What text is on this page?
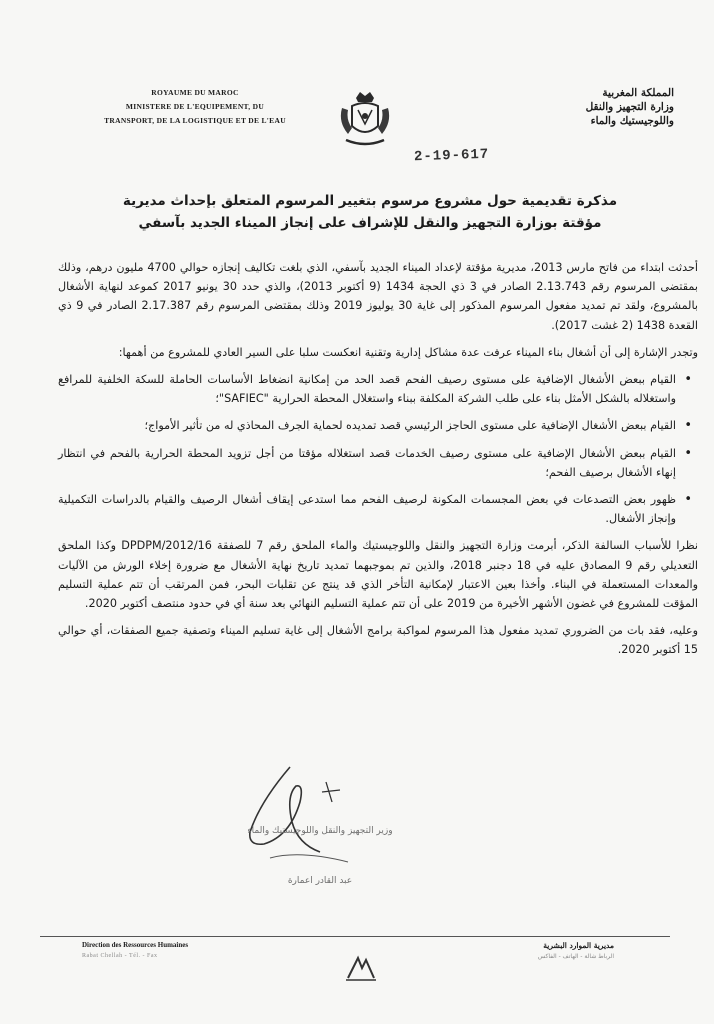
ROYAUME DU MAROC
MINISTERE DE L'EQUIPEMENT, DU
TRANSPORT, DE LA LOGISTIQUE ET DE L'EAU
المملكة المغربية
وزارة التجهيز والنقل
واللوجيستيك والماء
2-19-617
مذكرة تقديمية حول مشروع مرسوم بتغيير المرسوم المتعلق بإحداث مديرية
مؤقتة بوزارة التجهيز والنقل للإشراف على إنجاز الميناء الجديد بآسفي

أحدثت ابتداء من فاتح مارس 2013، مديرية مؤقتة لإعداد الميناء الجديد بآسفي، الذي بلغت تكاليف إنجازه حوالي 4700 مليون درهم، وذلك بمقتضى المرسوم رقم 2.13.743 الصادر في 3 ذي الحجة 1434 (9 أكتوبر 2013)، والذي حدد 30 يونيو 2017 كموعد لنهاية الأشغال بالمشروع، ولقد تم تمديد مفعول المرسوم المذكور إلى غاية 30 يوليوز 2019 وذلك بمقتضى المرسوم رقم 2.17.387 الصادر في 9 ذي القعدة 1438 (2 غشت 2017).

وتجدر الإشارة إلى أن أشغال بناء الميناء عرفت عدة مشاكل إدارية وتقنية انعكست سلبا على السير العادي للمشروع من أهمها:

• القيام ببعض الأشغال الإضافية على مستوى رصيف الفحم قصد الحد من إمكانية انضغاط الأساسات الحاملة للسكة الخلفية للمرافع واستغلاله بالشكل الأمثل بناء على طلب الشركة المكلفة ببناء واستغلال المحطة الحرارية "SAFIEC"؛
• القيام ببعض الأشغال الإضافية على مستوى الحاجز الرئيسي قصد تمديده لحماية الجرف المحاذي له من تأثير الأمواج؛
• القيام ببعض الأشغال الإضافية على مستوى رصيف الخدمات قصد استغلاله مؤقتا من أجل تزويد المحطة الحرارية بالفحم في انتظار إنهاء الأشغال برصيف الفحم؛
• ظهور بعض التصدعات في بعض المجسمات المكونة لرصيف الفحم مما استدعى إيقاف أشغال الرصيف والقيام بالدراسات التكميلية وإنجاز الأشغال.

نظرا للأسباب السالفة الذكر، أبرمت وزارة التجهيز والنقل واللوجيستيك والماء الملحق رقم 7 للصفقة DPDPM/2012/16 وكذا الملحق التعديلي رقم 9 المصادق عليه في 18 دجنبر 2018، والذين تم بموجبهما تمديد تاريخ نهاية الأشغال مع ضرورة إخلاء الورش من الآليات والمعدات المستعملة في البناء. وأخذا بعين الاعتبار لإمكانية التأخر الذي قد ينتج عن تقلبات البحر، فمن المرتقب أن تتم عملية التسليم المؤقت للمشروع في غضون الأشهر الأخيرة من 2019 على أن تتم عملية التسليم النهائي بعد سنة أي في حدود منتصف أكتوبر 2020.

وعليه، فقد بات من الضروري تمديد مفعول هذا المرسوم لمواكبة برامج الأشغال إلى غاية تسليم الميناء وتصفية جميع الصفقات، أي حوالي 15 أكتوبر 2020.

وزير التجهيز والنقل واللوجيستيك والماء
عبد القادر اعمارة
Direction des Ressources Humaines
Rabat Chellah - Tél. - Fax
مديرية الموارد البشرية
الرباط شالة - الهاتف - الفاكس
